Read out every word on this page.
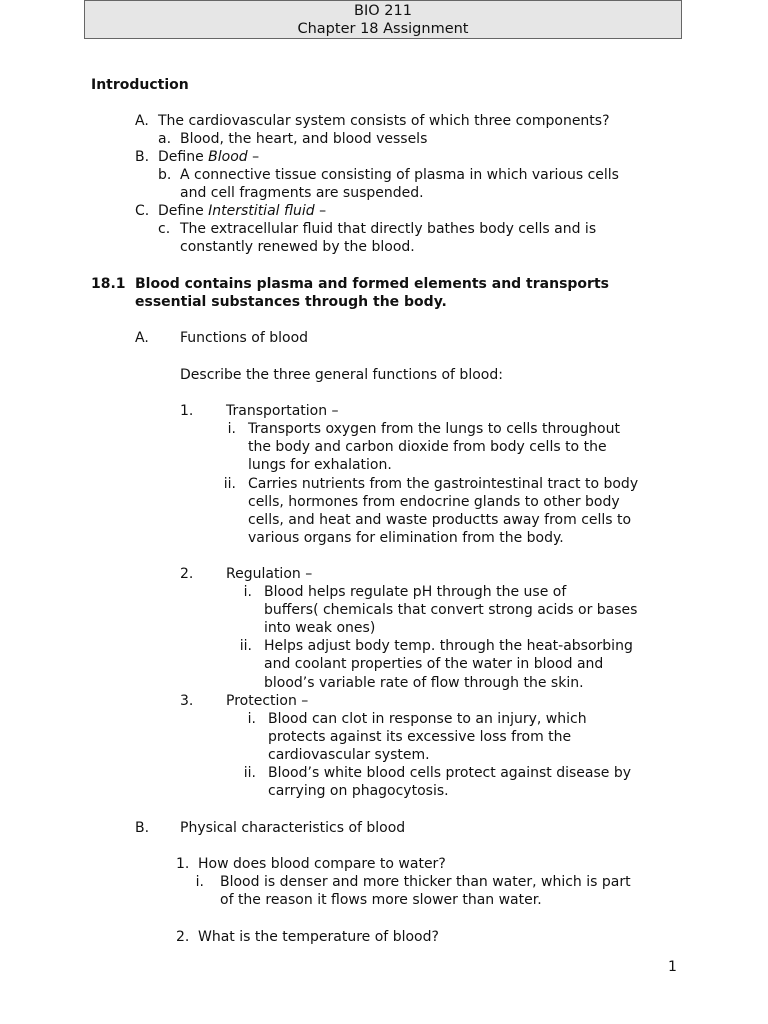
BIO 211
Chapter 18 Assignment
Introduction
A. The cardiovascular system consists of which three components?
a. Blood, the heart, and blood vessels
B. Define Blood –
b. A connective tissue consisting of plasma in which various cells
and cell fragments are suspended.
C. Define Interstitial fluid –
c. The extracellular fluid that directly bathes body cells and is
constantly renewed by the blood.
18.1 Blood contains plasma and formed elements and transports
essential substances through the body.
A. Functions of blood
Describe the three general functions of blood:
1. Transportation –
i. Transports oxygen from the lungs to cells throughout
the body and carbon dioxide from body cells to the
lungs for exhalation.
ii. Carries nutrients from the gastrointestinal tract to body
cells, hormones from endocrine glands to other body
cells, and heat and waste productts away from cells to
various organs for elimination from the body.
2. Regulation –
i. Blood helps regulate pH through the use of
buffers( chemicals that convert strong acids or bases
into weak ones)
ii. Helps adjust body temp. through the heat-absorbing
and coolant properties of the water in blood and
blood’s variable rate of flow through the skin.
3. Protection –
i. Blood can clot in response to an injury, which
protects against its excessive loss from the
cardiovascular system.
ii. Blood’s white blood cells protect against disease by
carrying on phagocytosis.
B. Physical characteristics of blood
1. How does blood compare to water?
i. Blood is denser and more thicker than water, which is part
of the reason it flows more slower than water.
2. What is the temperature of blood?
1
